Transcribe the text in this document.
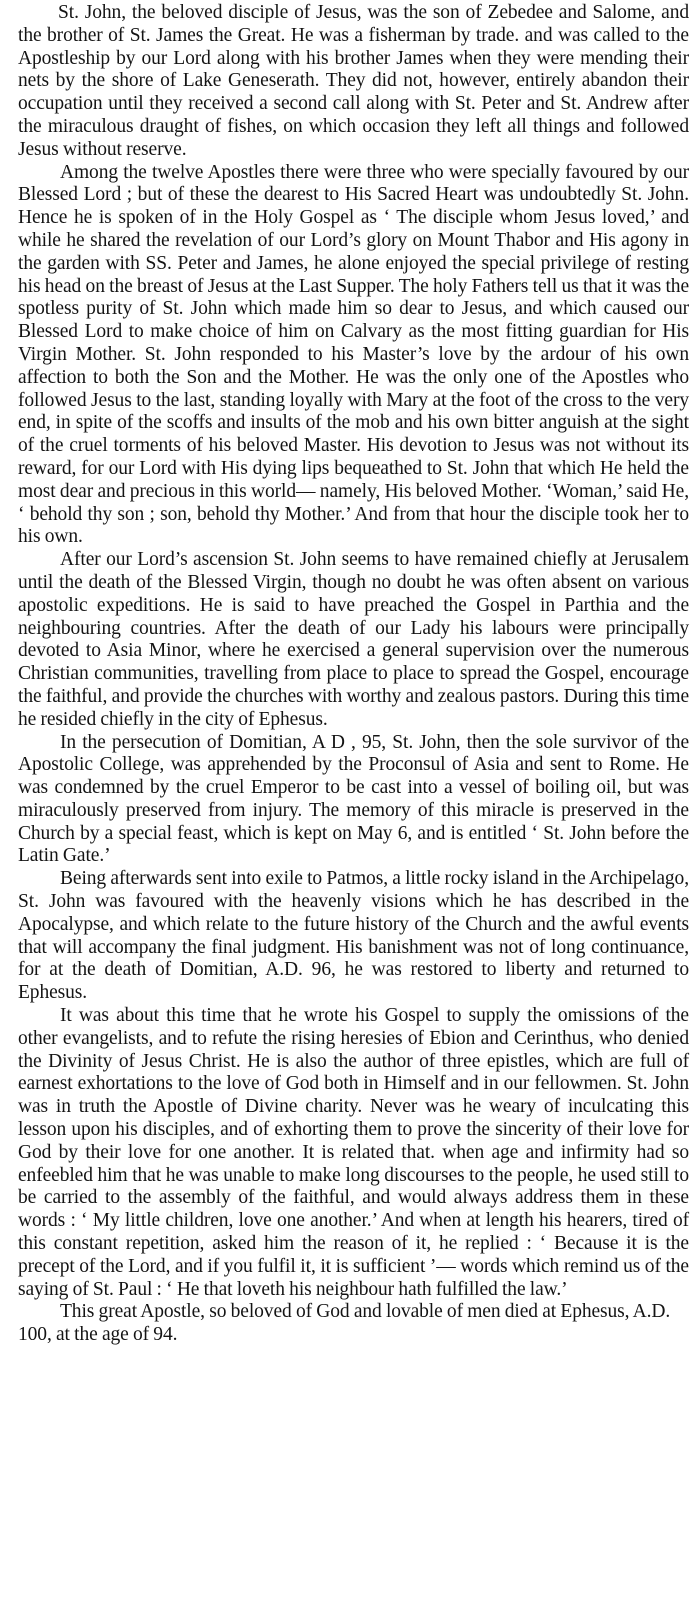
St. John, the beloved disciple of Jesus, was the son of Zebedee and Salome, and the brother of St. James the Great. He was a fisherman by trade. and was called to the Apostleship by our Lord along with his brother James when they were mending their nets by the shore of Lake Geneserath. They did not, however, entirely abandon their occupation until they received a second call along with St. Peter and St. Andrew after the miraculous draught of fishes, on which occasion they left all things and followed Jesus without reserve.

Among the twelve Apostles there were three who were specially favoured by our Blessed Lord ; but of these the dearest to His Sacred Heart was undoubtedly St. John. Hence he is spoken of in the Holy Gospel as ‘ The disciple whom Jesus loved,’ and while he shared the revelation of our Lord’s glory on Mount Thabor and His agony in the garden with SS. Peter and James, he alone enjoyed the special privilege of resting his head on the breast of Jesus at the Last Supper. The holy Fathers tell us that it was the spotless purity of St. John which made him so dear to Jesus, and which caused our Blessed Lord to make choice of him on Calvary as the most fitting guardian for His Virgin Mother. St. John responded to his Master’s love by the ardour of his own affection to both the Son and the Mother. He was the only one of the Apostles who followed Jesus to the last, standing loyally with Mary at the foot of the cross to the very end, in spite of the scoffs and insults of the mob and his own bitter anguish at the sight of the cruel torments of his beloved Master. His devotion to Jesus was not without its reward, for our Lord with His dying lips bequeathed to St. John that which He held the most dear and precious in this world— namely, His beloved Mother. ‘Woman,’ said He, ‘ behold thy son ; son, behold thy Mother.’ And from that hour the disciple took her to his own.

After our Lord’s ascension St. John seems to have remained chiefly at Jerusalem until the death of the Blessed Virgin, though no doubt he was often absent on various apostolic expeditions. He is said to have preached the Gospel in Parthia and the neighbouring countries. After the death of our Lady his labours were principally devoted to Asia Minor, where he exercised a general supervision over the numerous Christian communities, travelling from place to place to spread the Gospel, encourage the faithful, and provide the churches with worthy and zealous pastors. During this time he resided chiefly in the city of Ephesus.

In the persecution of Domitian, A D , 95, St. John, then the sole survivor of the Apostolic College, was apprehended by the Proconsul of Asia and sent to Rome. He was condemned by the cruel Emperor to be cast into a vessel of boiling oil, but was miraculously preserved from injury. The memory of this miracle is preserved in the Church by a special feast, which is kept on May 6, and is entitled ‘ St. John before the Latin Gate.’

Being afterwards sent into exile to Patmos, a little rocky island in the Archipelago, St. John was favoured with the heavenly visions which he has described in the Apocalypse, and which relate to the future history of the Church and the awful events that will accompany the final judgment. His banishment was not of long continuance, for at the death of Domitian, A.D. 96, he was restored to liberty and returned to Ephesus.

It was about this time that he wrote his Gospel to supply the omissions of the other evangelists, and to refute the rising heresies of Ebion and Cerinthus, who denied the Divinity of Jesus Christ. He is also the author of three epistles, which are full of earnest exhortations to the love of God both in Himself and in our fellowmen. St. John was in truth the Apostle of Divine charity. Never was he weary of inculcating this lesson upon his disciples, and of exhorting them to prove the sincerity of their love for God by their love for one another. It is related that. when age and infirmity had so enfeebled him that he was unable to make long discourses to the people, he used still to be carried to the assembly of the faithful, and would always address them in these words : ‘ My little children, love one another.’ And when at length his hearers, tired of this constant repetition, asked him the reason of it, he replied : ‘ Because it is the precept of the Lord, and if you fulfil it, it is sufficient ’— words which remind us of the saying of St. Paul : ‘ He that loveth his neighbour hath fulfilled the law.’

This great Apostle, so beloved of God and lovable of men died at Ephesus, A.D. 100, at the age of 94.
